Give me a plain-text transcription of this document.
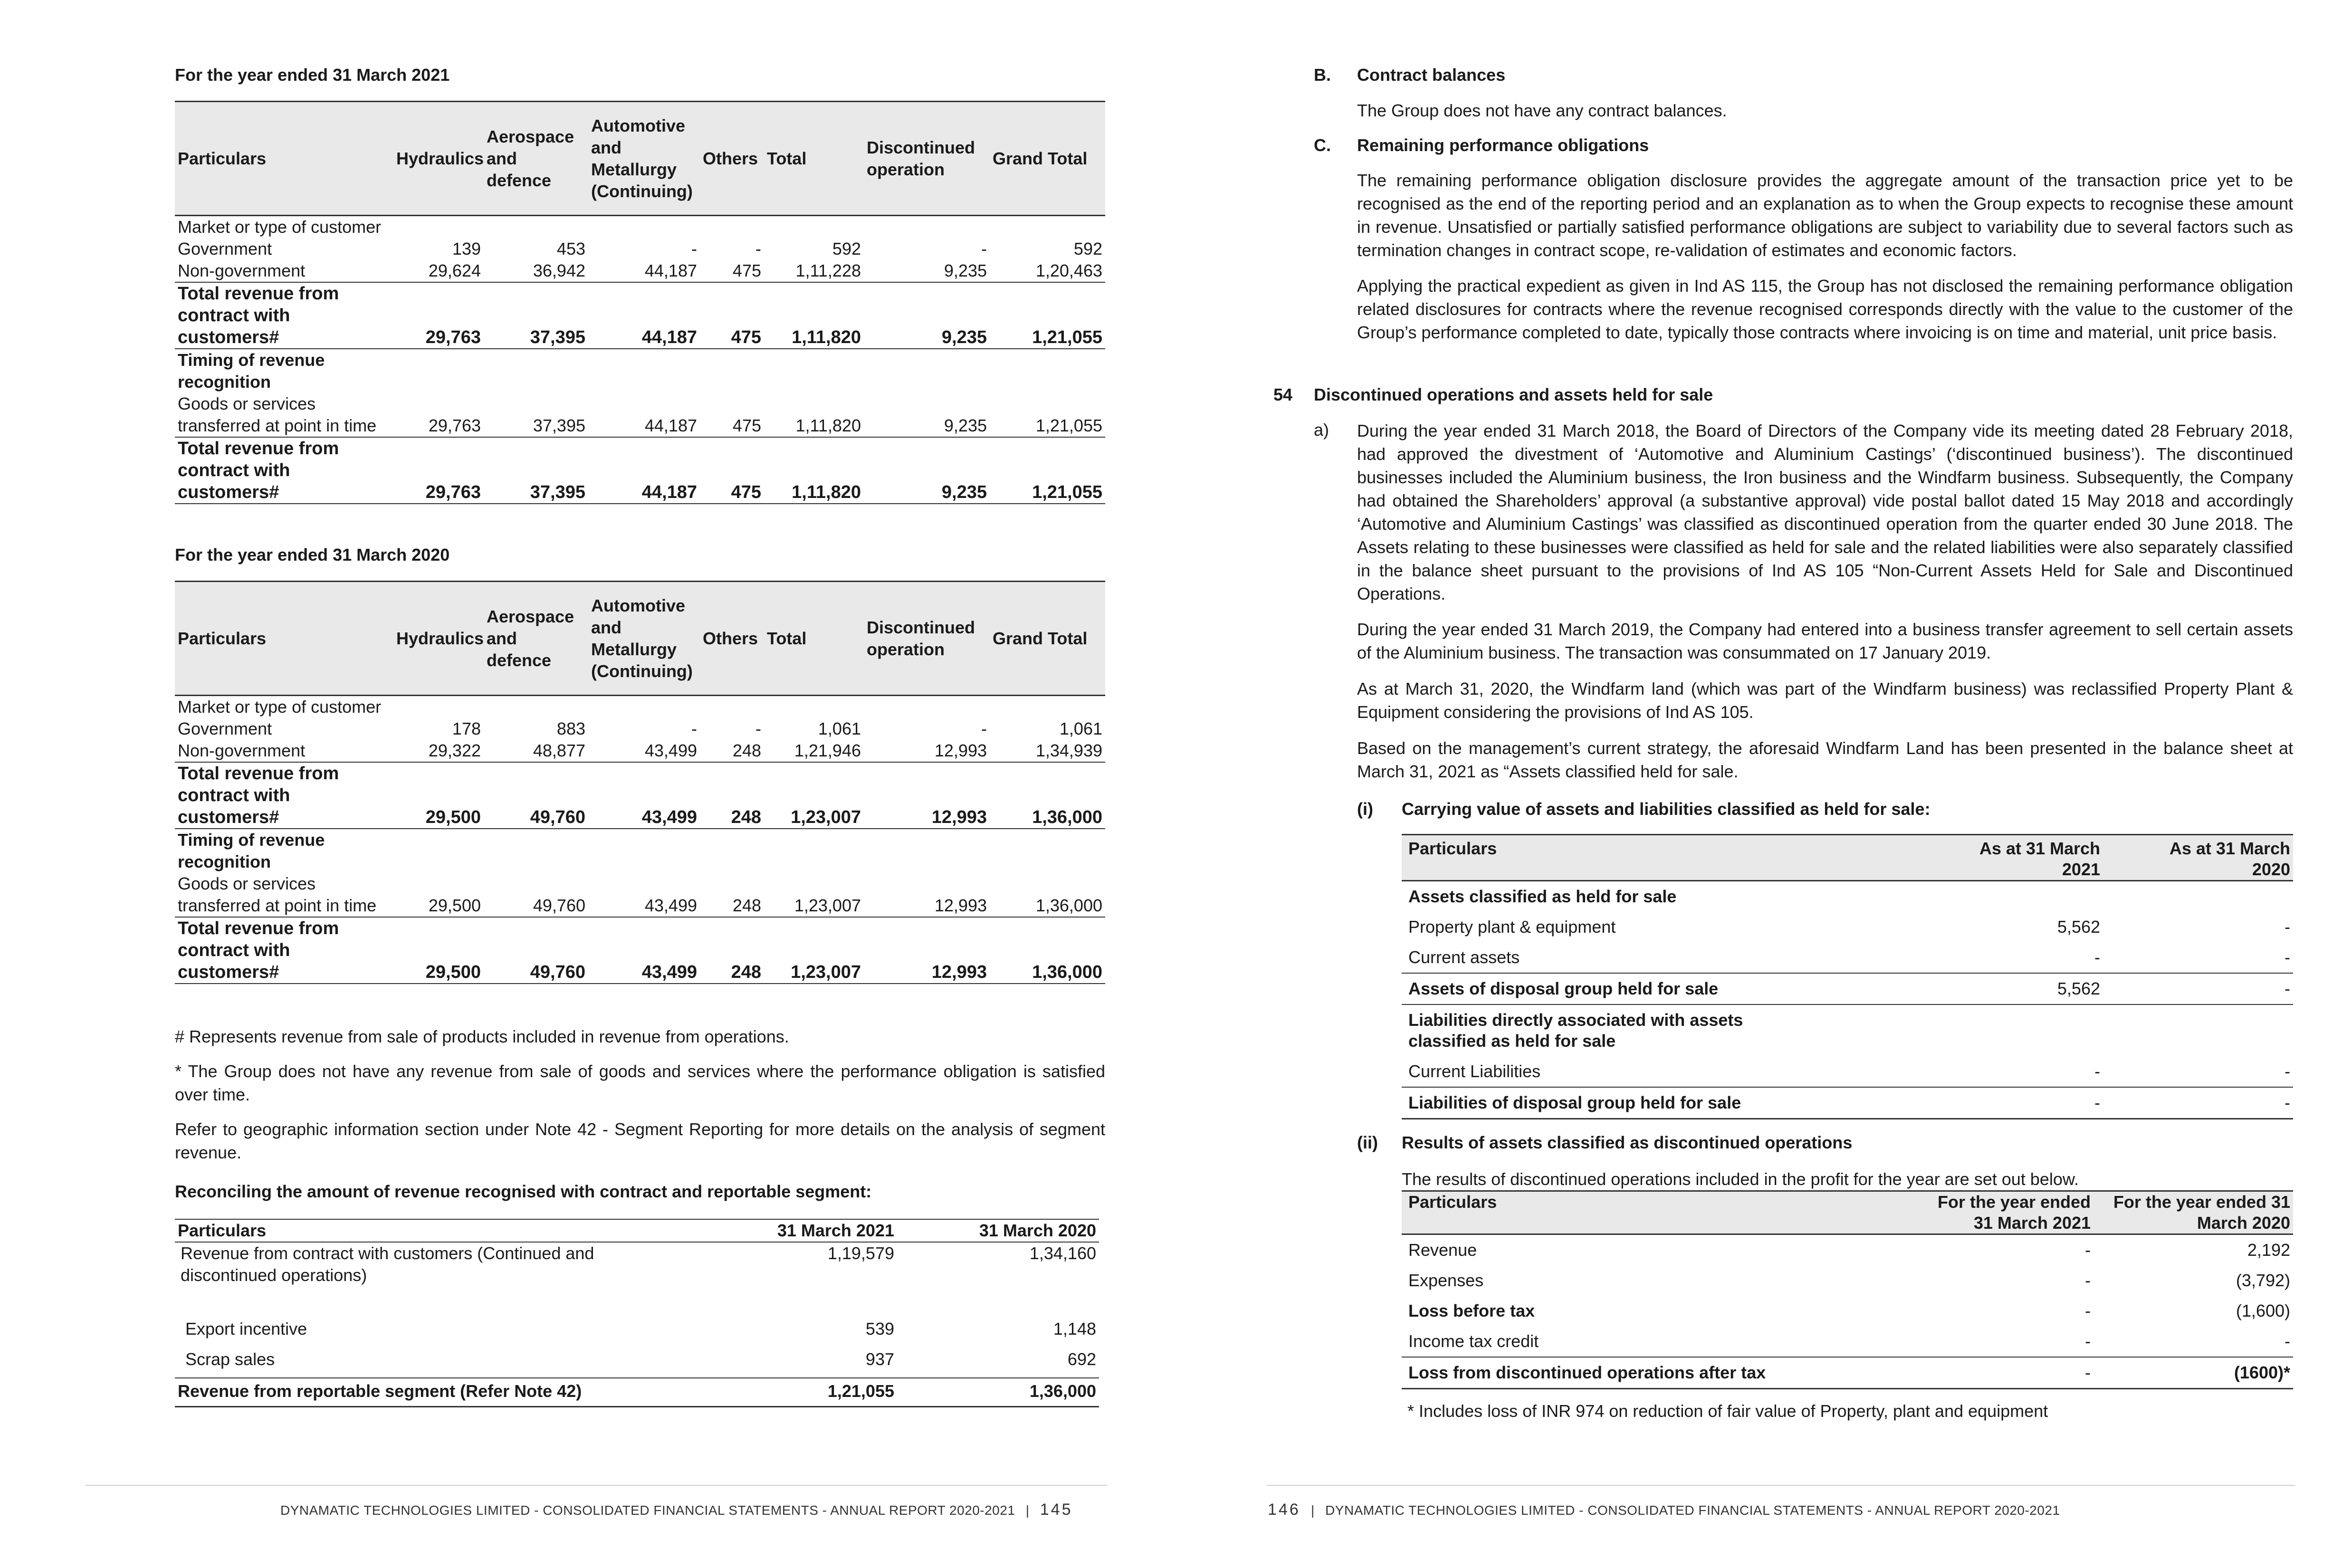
For the year ended 31 March 2021
Particulars	Hydraulics	Aerospace and defence	Automotive and Metallurgy (Continuing)	Others	Total	Discontinued operation	Grand Total
Market or type of customer							
Government	139	453	-	-	592	-	592
Non-government	29,624	36,942	44,187	475	1,11,228	9,235	1,20,463
Total revenue from contract with customers#	29,763	37,395	44,187	475	1,11,820	9,235	1,21,055
Timing of revenue recognition							
Goods or services transferred at point in time	29,763	37,395	44,187	475	1,11,820	9,235	1,21,055
Total revenue from contract with customers#	29,763	37,395	44,187	475	1,11,820	9,235	1,21,055
For the year ended 31 March 2020
Particulars	Hydraulics	Aerospace and defence	Automotive and Metallurgy (Continuing)	Others	Total	Discontinued operation	Grand Total
Market or type of customer							
Government	178	883	-	-	1,061	-	1,061
Non-government	29,322	48,877	43,499	248	1,21,946	12,993	1,34,939
Total revenue from contract with customers#	29,500	49,760	43,499	248	1,23,007	12,993	1,36,000
Timing of revenue recognition							
Goods or services transferred at point in time	29,500	49,760	43,499	248	1,23,007	12,993	1,36,000
Total revenue from contract with customers#	29,500	49,760	43,499	248	1,23,007	12,993	1,36,000

# Represents revenue from sale of products included in revenue from operations.

* The Group does not have any revenue from sale of goods and services where the performance obligation is satisfied over time.

Refer to geographic information section under Note 42 - Segment Reporting for more details on the analysis of segment revenue.

Reconciling the amount of revenue recognised with contract and reportable segment:
Particulars	31 March 2021	31 March 2020
Revenue from contract with customers (Continued and discontinued operations)	1,19,579	1,34,160
Export incentive	539	1,148
Scrap sales	937	692
Revenue from reportable segment (Refer Note 42)	1,21,055	1,36,000
DYNAMATIC TECHNOLOGIES LIMITED - CONSOLIDATED FINANCIAL STATEMENTS - ANNUAL REPORT 2020-2021 | 145
B. Contract balances

The Group does not have any contract balances.

C. Remaining performance obligations

The remaining performance obligation disclosure provides the aggregate amount of the transaction price yet to be recognised as the end of the reporting period and an explanation as to when the Group expects to recognise these amount in revenue. Unsatisfied or partially satisfied performance obligations are subject to variability due to several factors such as termination changes in contract scope, re-validation of estimates and economic factors.

Applying the practical expedient as given in Ind AS 115, the Group has not disclosed the remaining performance obligation related disclosures for contracts where the revenue recognised corresponds directly with the value to the customer of the Group’s performance completed to date, typically those contracts where invoicing is on time and material, unit price basis.

54 Discontinued operations and assets held for sale
a) During the year ended 31 March 2018, the Board of Directors of the Company vide its meeting dated 28 February 2018, had approved the divestment of ‘Automotive and Aluminium Castings’ (‘discontinued business’). The discontinued businesses included the Aluminium business, the Iron business and the Windfarm business. Subsequently, the Company had obtained the Shareholders’ approval (a substantive approval) vide postal ballot dated 15 May 2018 and accordingly ‘Automotive and Aluminium Castings’ was classified as discontinued operation from the quarter ended 30 June 2018. The Assets relating to these businesses were classified as held for sale and the related liabilities were also separately classified in the balance sheet pursuant to the provisions of Ind AS 105 “Non-Current Assets Held for Sale and Discontinued Operations.

During the year ended 31 March 2019, the Company had entered into a business transfer agreement to sell certain assets of the Aluminium business. The transaction was consummated on 17 January 2019.

As at March 31, 2020, the Windfarm land (which was part of the Windfarm business) was reclassified Property Plant & Equipment considering the provisions of Ind AS 105.

Based on the management’s current strategy, the aforesaid Windfarm Land has been presented in the balance sheet at March 31, 2021 as “Assets classified held for sale.

(i) Carrying value of assets and liabilities classified as held for sale:
Particulars	As at 31 March 2021	As at 31 March 2020
Assets classified as held for sale		
Property plant & equipment	5,562	-
Current assets	-	-
Assets of disposal group held for sale	5,562	-
Liabilities directly associated with assets classified as held for sale		
Current Liabilities	-	-
Liabilities of disposal group held for sale	-	-
(ii) Results of assets classified as discontinued operations

The results of discontinued operations included in the profit for the year are set out below.

Particulars	For the year ended 31 March 2021	For the year ended 31 March 2020
Revenue	-	2,192
Expenses	-	(3,792)
Loss before tax	-	(1,600)
Income tax credit	-	-
Loss from discontinued operations after tax	-	(1600)*

* Includes loss of INR 974 on reduction of fair value of Property, plant and equipment

146 | DYNAMATIC TECHNOLOGIES LIMITED - CONSOLIDATED FINANCIAL STATEMENTS - ANNUAL REPORT 2020-2021
